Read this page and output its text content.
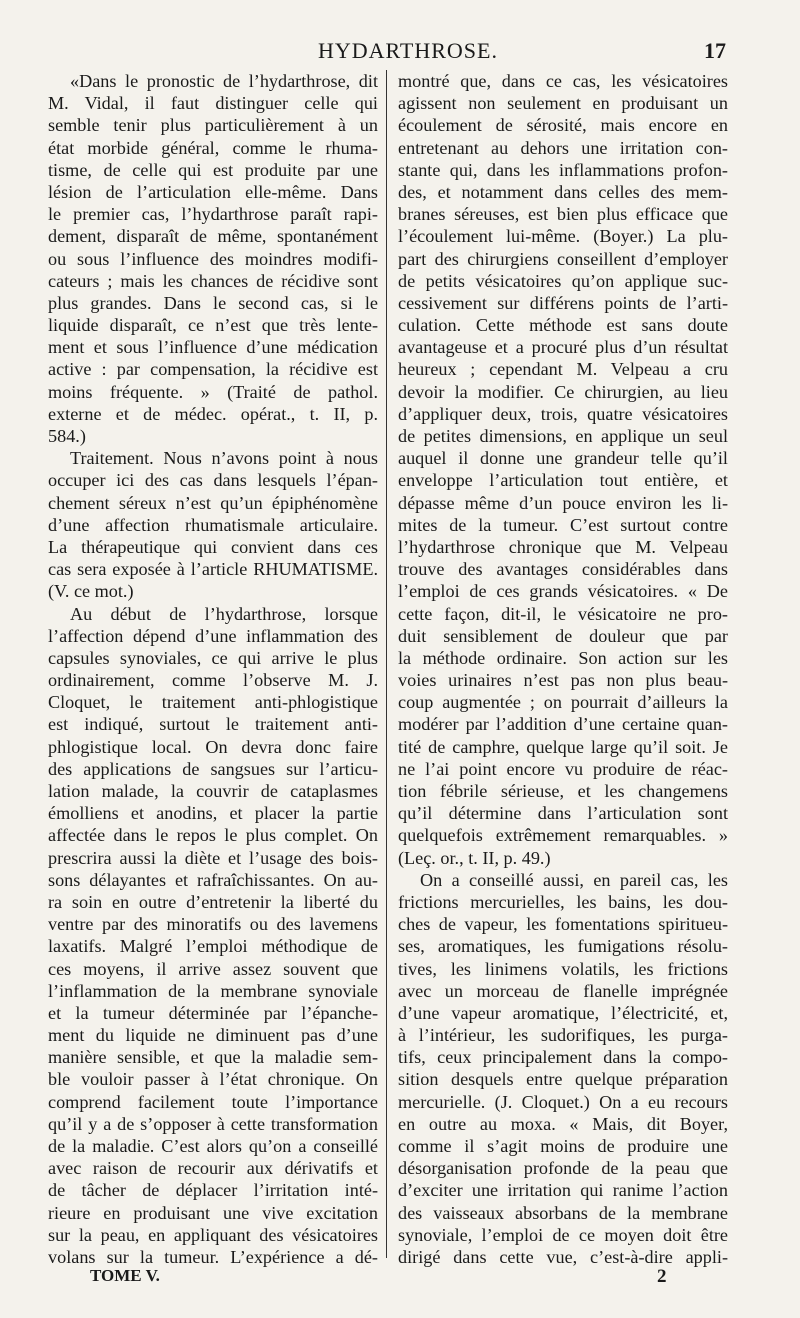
HYDARTHROSE.	17
«Dans le pronostic de l’hydarthrose, dit
M. Vidal, il faut distinguer celle qui
semble tenir plus particulièrement à un
état morbide général, comme le rhuma-
tisme, de celle qui est produite par une
lésion de l’articulation elle-même. Dans
le premier cas, l’hydarthrose paraît rapi-
dement, disparaît de même, spontanément
ou sous l’influence des moindres modifi-
cateurs ; mais les chances de récidive sont
plus grandes. Dans le second cas, si le
liquide disparaît, ce n’est que très lente-
ment et sous l’influence d’une médication
active : par compensation, la récidive est
moins fréquente. » (Traité de pathol.
externe et de médec. opérat., t. II, p.
584.)
Traitement. Nous n’avons point à nous
occuper ici des cas dans lesquels l’épan-
chement séreux n’est qu’un épiphénomène
d’une affection rhumatismale articulaire.
La thérapeutique qui convient dans ces
cas sera exposée à l’article RHUMATISME.
(V. ce mot.)
Au début de l’hydarthrose, lorsque
l’affection dépend d’une inflammation des
capsules synoviales, ce qui arrive le plus
ordinairement, comme l’observe M. J.
Cloquet, le traitement anti-phlogistique
est indiqué, surtout le traitement anti-
phlogistique local. On devra donc faire
des applications de sangsues sur l’articu-
lation malade, la couvrir de cataplasmes
émolliens et anodins, et placer la partie
affectée dans le repos le plus complet. On
prescrira aussi la diète et l’usage des bois-
sons délayantes et rafraîchissantes. On au-
ra soin en outre d’entretenir la liberté du
ventre par des minoratifs ou des lavemens
laxatifs. Malgré l’emploi méthodique de
ces moyens, il arrive assez souvent que
l’inflammation de la membrane synoviale
et la tumeur déterminée par l’épanche-
ment du liquide ne diminuent pas d’une
manière sensible, et que la maladie sem-
ble vouloir passer à l’état chronique. On
comprend facilement toute l’importance
qu’il y a de s’opposer à cette transformation
de la maladie. C’est alors qu’on a conseillé
avec raison de recourir aux dérivatifs et
de tâcher de déplacer l’irritation inté-
rieure en produisant une vive excitation
sur la peau, en appliquant des vésicatoires
volans sur la tumeur. L’expérience a dé-
montré que, dans ce cas, les vésicatoires
agissent non seulement en produisant un
écoulement de sérosité, mais encore en
entretenant au dehors une irritation con-
stante qui, dans les inflammations profon-
des, et notamment dans celles des mem-
branes séreuses, est bien plus efficace que
l’écoulement lui-même. (Boyer.) La plu-
part des chirurgiens conseillent d’employer
de petits vésicatoires qu’on applique suc-
cessivement sur différens points de l’arti-
culation. Cette méthode est sans doute
avantageuse et a procuré plus d’un résultat
heureux ; cependant M. Velpeau a cru
devoir la modifier. Ce chirurgien, au lieu
d’appliquer deux, trois, quatre vésicatoires
de petites dimensions, en applique un seul
auquel il donne une grandeur telle qu’il
enveloppe l’articulation tout entière, et
dépasse même d’un pouce environ les li-
mites de la tumeur. C’est surtout contre
l’hydarthrose chronique que M. Velpeau
trouve des avantages considérables dans
l’emploi de ces grands vésicatoires. « De
cette façon, dit-il, le vésicatoire ne pro-
duit sensiblement de douleur que par
la méthode ordinaire. Son action sur les
voies urinaires n’est pas non plus beau-
coup augmentée ; on pourrait d’ailleurs la
modérer par l’addition d’une certaine quan-
tité de camphre, quelque large qu’il soit. Je
ne l’ai point encore vu produire de réac-
tion fébrile sérieuse, et les changemens
qu’il détermine dans l’articulation sont
quelquefois extrêmement remarquables. »
(Leç. or., t. II, p. 49.)
On a conseillé aussi, en pareil cas, les
frictions mercurielles, les bains, les dou-
ches de vapeur, les fomentations spiritueu-
ses, aromatiques, les fumigations résolu-
tives, les linimens volatils, les frictions
avec un morceau de flanelle imprégnée
d’une vapeur aromatique, l’électricité, et,
à l’intérieur, les sudorifiques, les purga-
tifs, ceux principalement dans la compo-
sition desquels entre quelque préparation
mercurielle. (J. Cloquet.) On a eu recours
en outre au moxa. « Mais, dit Boyer,
comme il s’agit moins de produire une
désorganisation profonde de la peau que
d’exciter une irritation qui ranime l’action
des vaisseaux absorbans de la membrane
synoviale, l’emploi de ce moyen doit être
dirigé dans cette vue, c’est-à-dire appli-
TOME V.	2
